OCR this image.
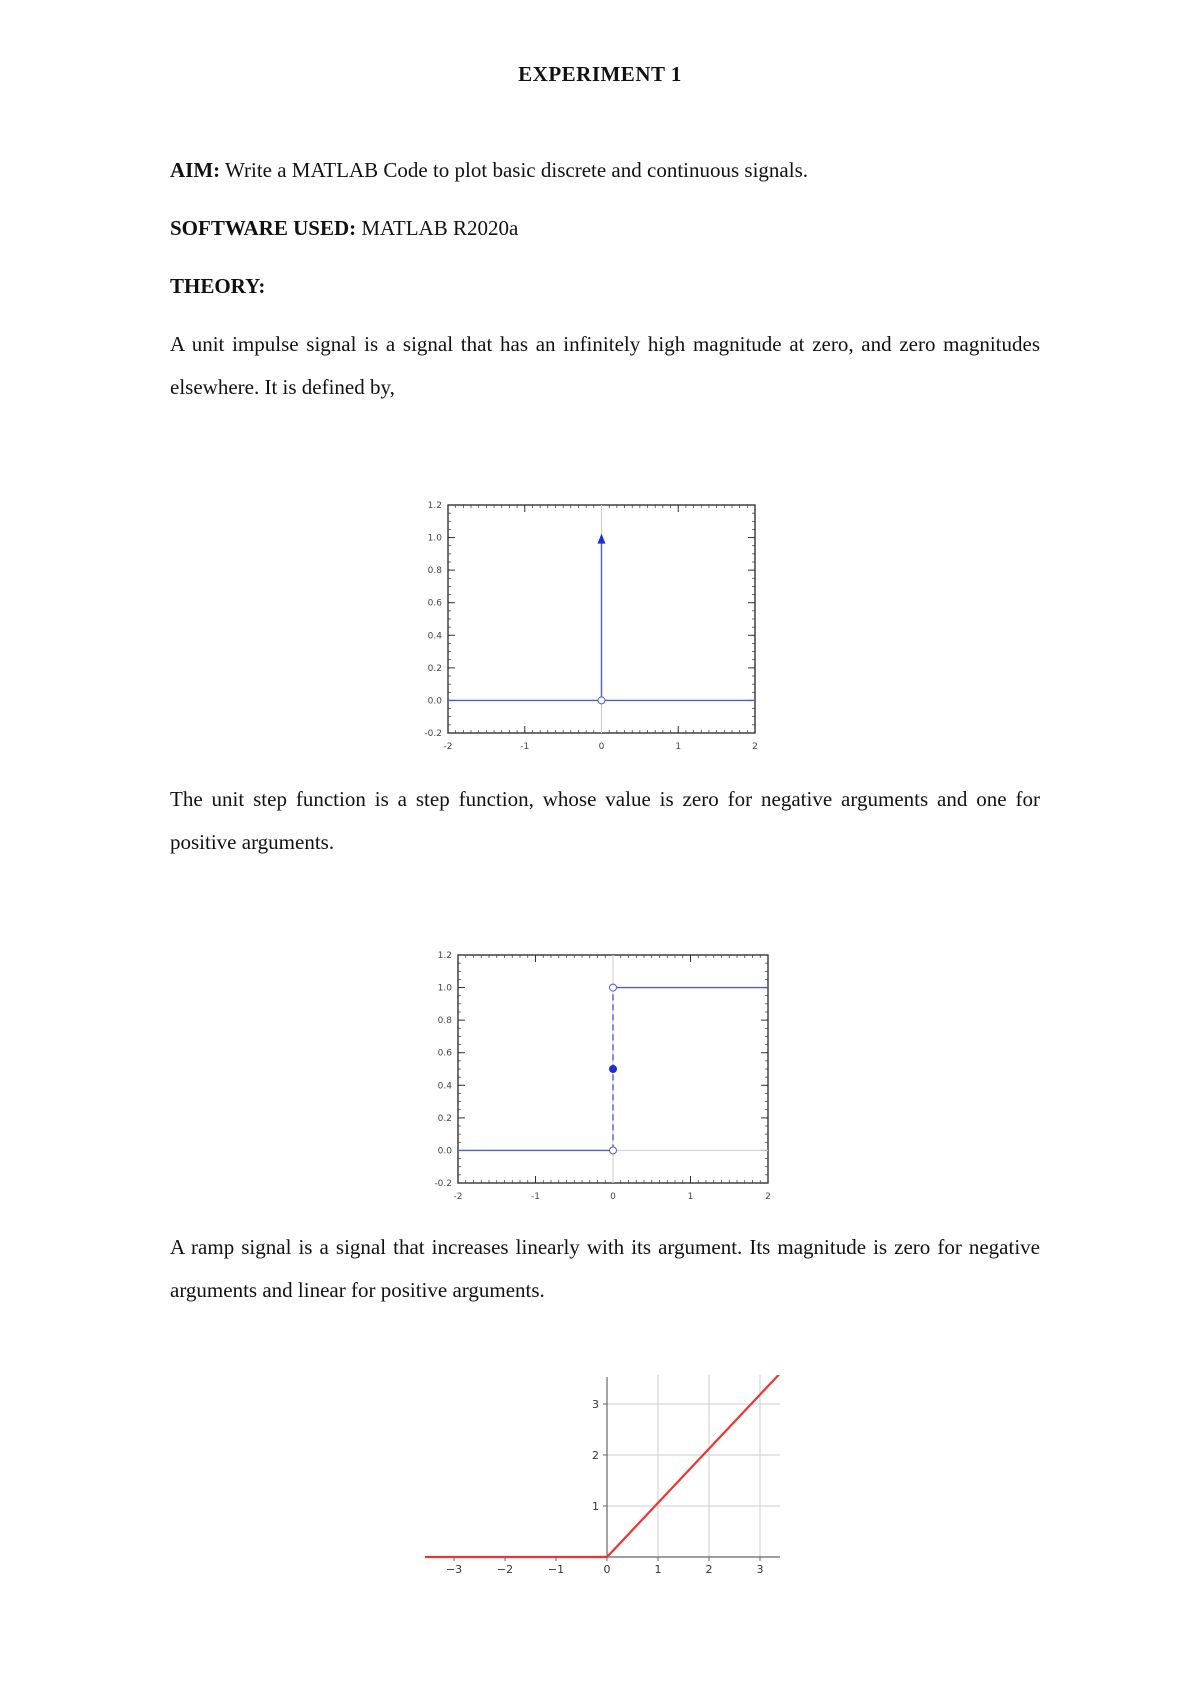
EXPERIMENT 1
AIM: Write a MATLAB Code to plot basic discrete and continuous signals.
SOFTWARE USED: MATLAB R2020a
THEORY:

A unit impulse signal is a signal that has an infinitely high magnitude at zero, and zero magnitudes elsewhere. It is defined by,

-0.2
0.0
0.2
0.4
0.6
0.8
1.0
1.2
-2	-1	0	1	2

The unit step function is a step function, whose value is zero for negative arguments and one for positive arguments.

-0.2
0.0
0.2
0.4
0.6
0.8
1.0
1.2
-2	-1	0	1	2

A ramp signal is a signal that increases linearly with its argument. Its magnitude is zero for negative arguments and linear for positive arguments.

−3	−2	−1	0	1	2	3
1
2
3
